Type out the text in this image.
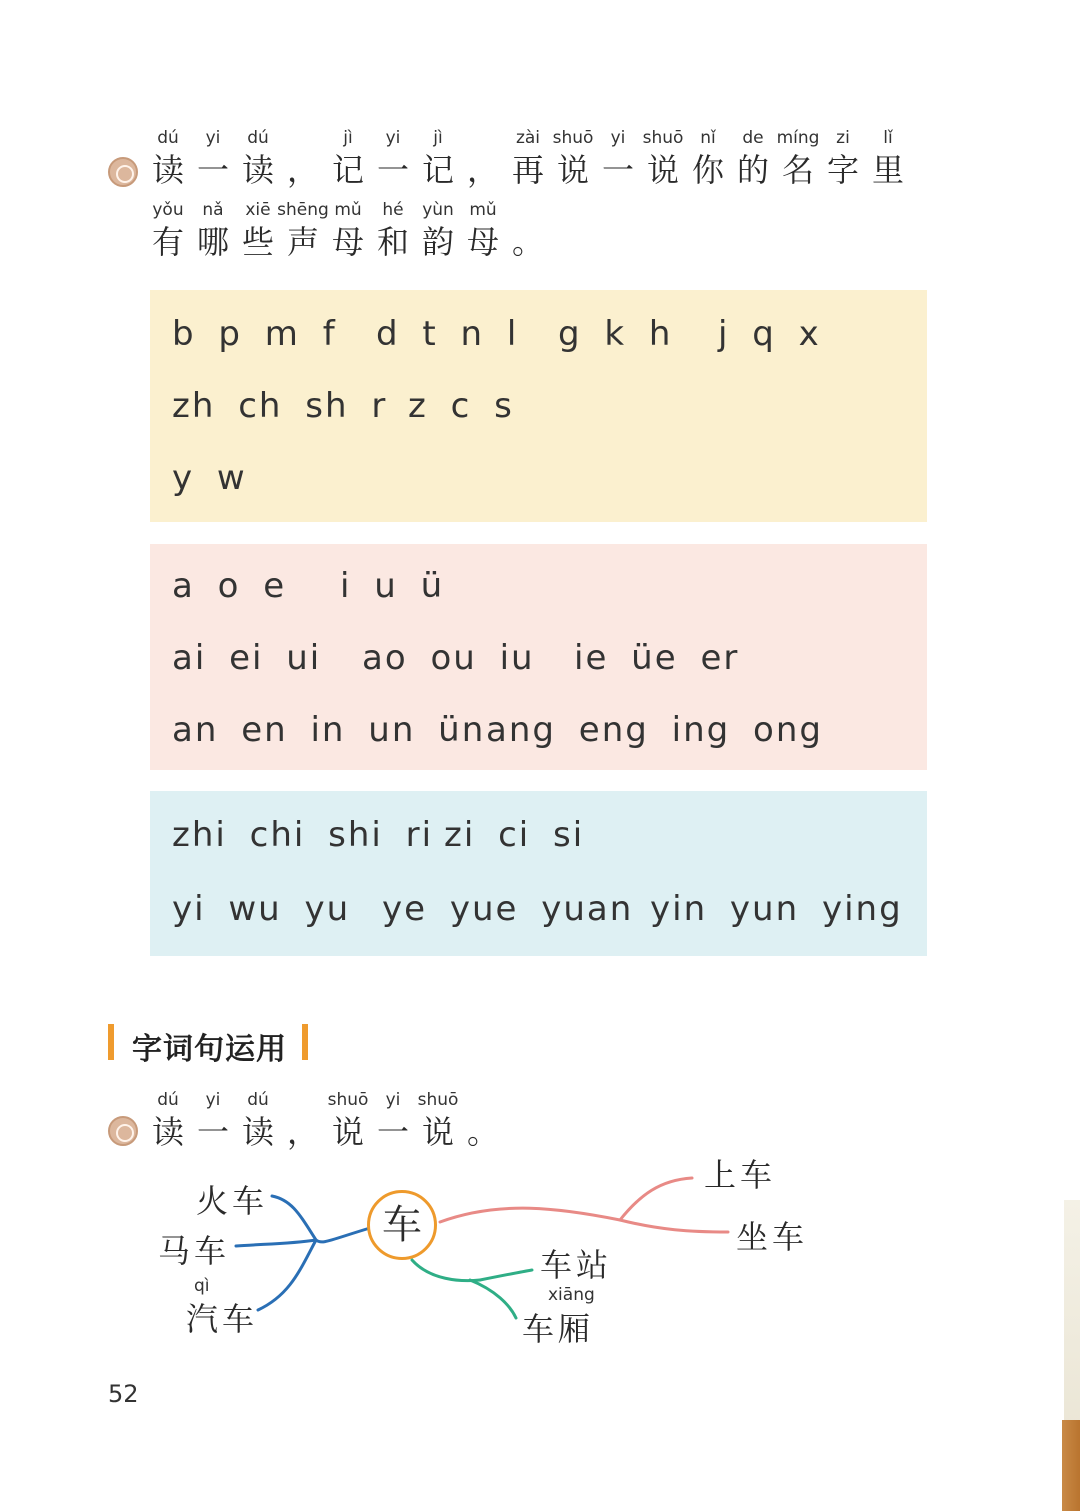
dú
读
yi
一
dú
读 ，
jì
记
yi
一
jì
记 ，
zài
再
shuō
说
yi
一
shuō
说
nǐ
你
de
的
míng
名
zi
字
lǐ
里
yǒu
有
nǎ
哪
xiē
些
shēng
声
mǔ
母
hé
和
yùn
韵
mǔ
母 。
b p m f d t n l g k h j q x
zh ch sh r z c s
y w
a o e i u ü
ai ei ui ao ou iu ie üe er
an en in un ün ang eng ing ong
zhi chi shi ri zi ci si
yi wu yu ye yue yuan yin yun ying
字词句运用
dú
读
yi
一
dú
读 ，
shuō
说
yi
一
shuō
说 。
车
火车
马车
qì
汽车
上车
坐车
车站
xiāng
车厢
52
